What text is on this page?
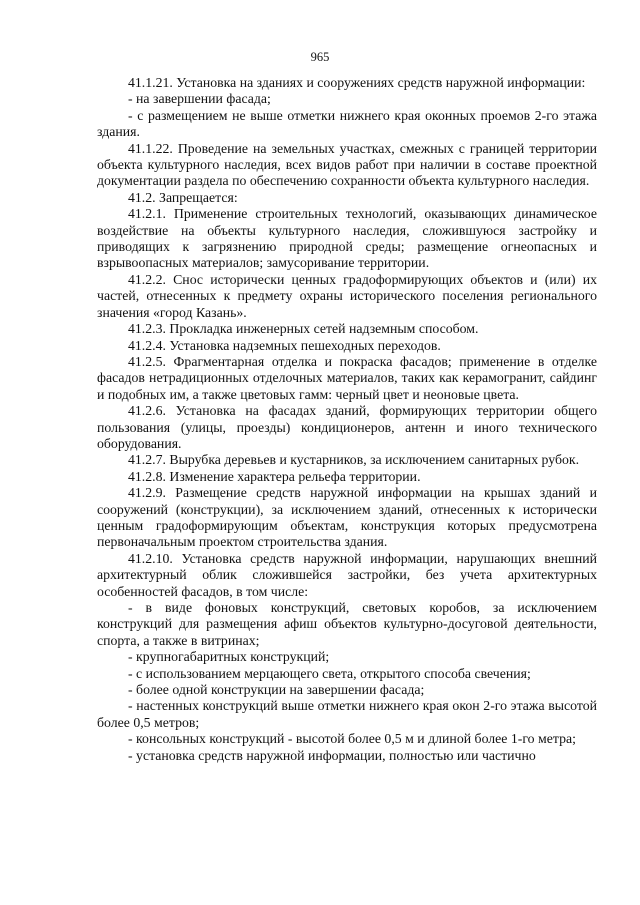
965

41.1.21. Установка на зданиях и сооружениях средств наружной информации:

- на завершении фасада;

- с размещением не выше отметки нижнего края оконных проемов 2-го этажа здания.

41.1.22. Проведение на земельных участках, смежных с границей территории объекта культурного наследия, всех видов работ при наличии в составе проектной документации раздела по обеспечению сохранности объекта культурного наследия.

41.2. Запрещается:

41.2.1. Применение строительных технологий, оказывающих динамическое воздействие на объекты культурного наследия, сложившуюся застройку и приводящих к загрязнению природной среды; размещение огнеопасных и взрывоопасных материалов; замусоривание территории.

41.2.2. Снос исторически ценных градоформирующих объектов и (или) их частей, отнесенных к предмету охраны исторического поселения регионального значения «город Казань».

41.2.3. Прокладка инженерных сетей надземным способом.

41.2.4. Установка надземных пешеходных переходов.

41.2.5. Фрагментарная отделка и покраска фасадов; применение в отделке фасадов нетрадиционных отделочных материалов, таких как керамогранит, сайдинг и подобных им, а также цветовых гамм: черный цвет и неоновые цвета.

41.2.6. Установка на фасадах зданий, формирующих территории общего пользования (улицы, проезды) кондиционеров, антенн и иного технического оборудования.

41.2.7. Вырубка деревьев и кустарников, за исключением санитарных рубок.

41.2.8. Изменение характера рельефа территории.

41.2.9. Размещение средств наружной информации на крышах зданий и сооружений (конструкции), за исключением зданий, отнесенных к исторически ценным градоформирующим объектам, конструкция которых предусмотрена первоначальным проектом строительства здания.

41.2.10. Установка средств наружной информации, нарушающих внешний архитектурный облик сложившейся застройки, без учета архитектурных особенностей фасадов, в том числе:

- в виде фоновых конструкций, световых коробов, за исключением конструкций для размещения афиш объектов культурно-досуговой деятельности, спорта, а также в витринах;

- крупногабаритных конструкций;

- с использованием мерцающего света, открытого способа свечения;

- более одной конструкции на завершении фасада;

- настенных конструкций выше отметки нижнего края окон 2-го этажа высотой более 0,5 метров;

- консольных конструкций - высотой более 0,5 м и длиной более 1-го метра;

- установка средств наружной информации, полностью или частично
